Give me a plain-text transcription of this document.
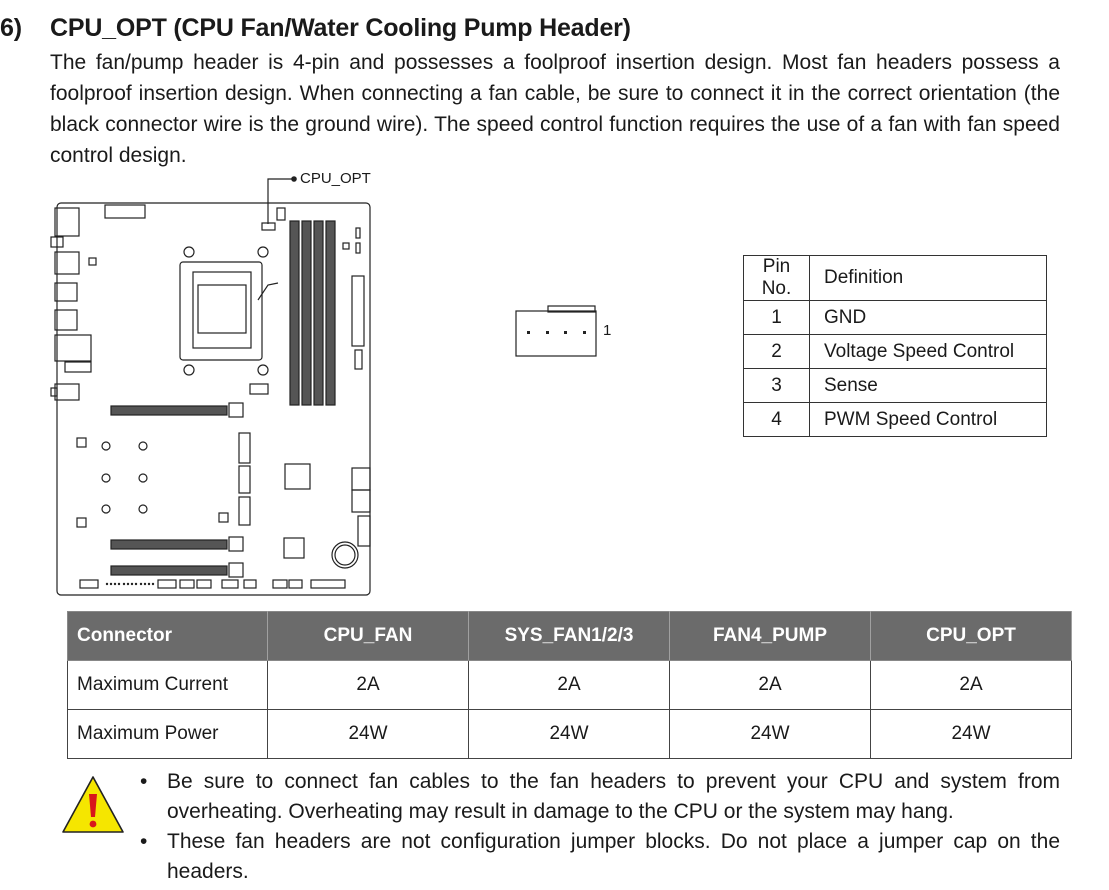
6)	CPU_OPT (CPU Fan/Water Cooling Pump Header)
The fan/pump header is 4-pin and possesses a foolproof insertion design. Most fan headers possess a foolproof insertion design. When connecting a fan cable, be sure to connect it in the correct orientation (the black connector wire is the ground wire). The speed control function requires the use of a fan with fan speed control design.
CPU_OPT
1
Pin No.	Definition
1	GND
2	Voltage Speed Control
3	Sense
4	PWM Speed Control
Connector	CPU_FAN	SYS_FAN1/2/3	FAN4_PUMP	CPU_OPT
Maximum Current	2A	2A	2A	2A
Maximum Power	24W	24W	24W	24W
• Be sure to connect fan cables to the fan headers to prevent your CPU and system from overheating. Overheating may result in damage to the CPU or the system may hang.
• These fan headers are not configuration jumper blocks. Do not place a jumper cap on the headers.
